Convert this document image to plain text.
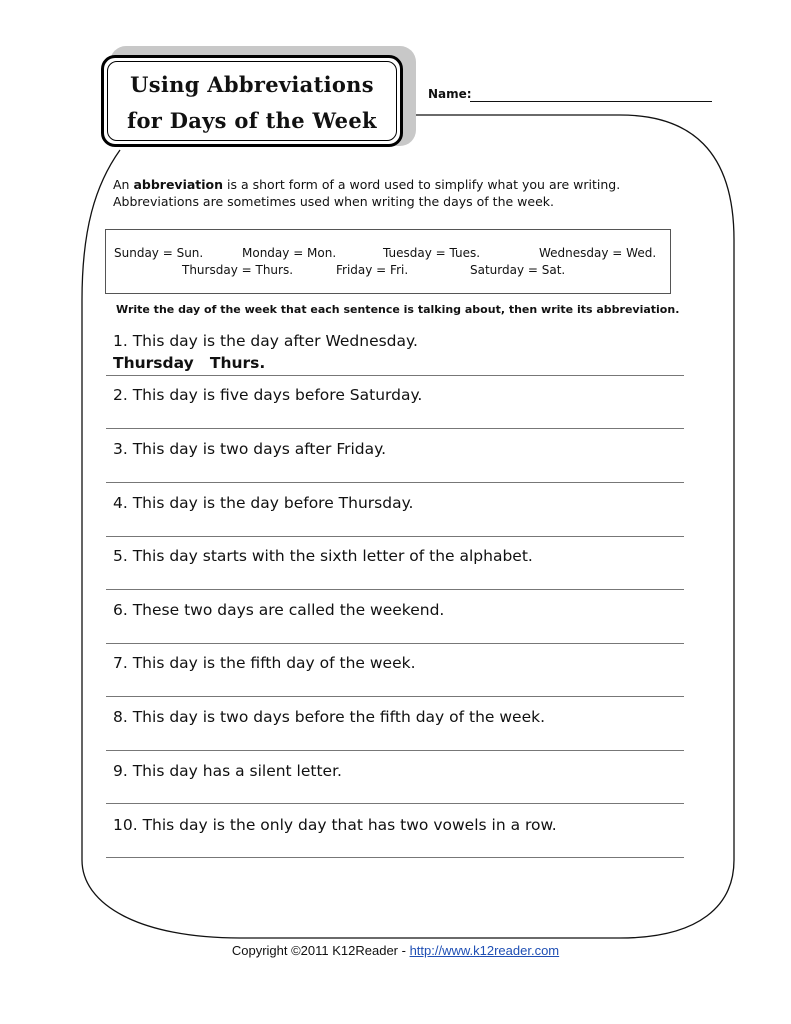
Using Abbreviations
for Days of the Week
Name:
An abbreviation is a short form of a word used to simplify what you are writing.
Abbreviations are sometimes used when writing the days of the week.
Sunday = Sun.	Monday = Mon.	Tuesday = Tues.	Wednesday = Wed.
Thursday = Thurs.	Friday = Fri.	Saturday = Sat.
Write the day of the week that each sentence is talking about, then write its abbreviation.
1. This day is the day after Wednesday.
Thursday   Thurs.
2. This day is five days before Saturday.
3. This day is two days after Friday.
4. This day is the day before Thursday.
5. This day starts with the sixth letter of the alphabet.
6. These two days are called the weekend.
7. This day is the fifth day of the week.
8. This day is two days before the fifth day of the week.
9. This day has a silent letter.
10. This day is the only day that has two vowels in a row.
Copyright ©2011 K12Reader - http://www.k12reader.com
